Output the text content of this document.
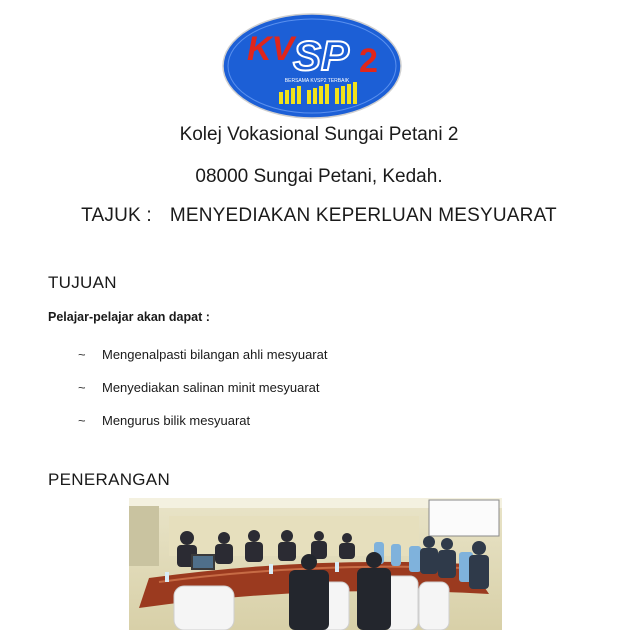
KV
SP 2
BERSAMA KVSP2 TERBAIK
Kolej Vokasional Sungai Petani 2
08000 Sungai Petani, Kedah.
TAJUK : MENYEDIAKAN KEPERLUAN MESYUARAT
TUJUAN
Pelajar-pelajar akan dapat :
~	Mengenalpasti bilangan ahli mesyuarat
~	Menyediakan salinan minit mesyuarat
~	Mengurus bilik mesyuarat
PENERANGAN
